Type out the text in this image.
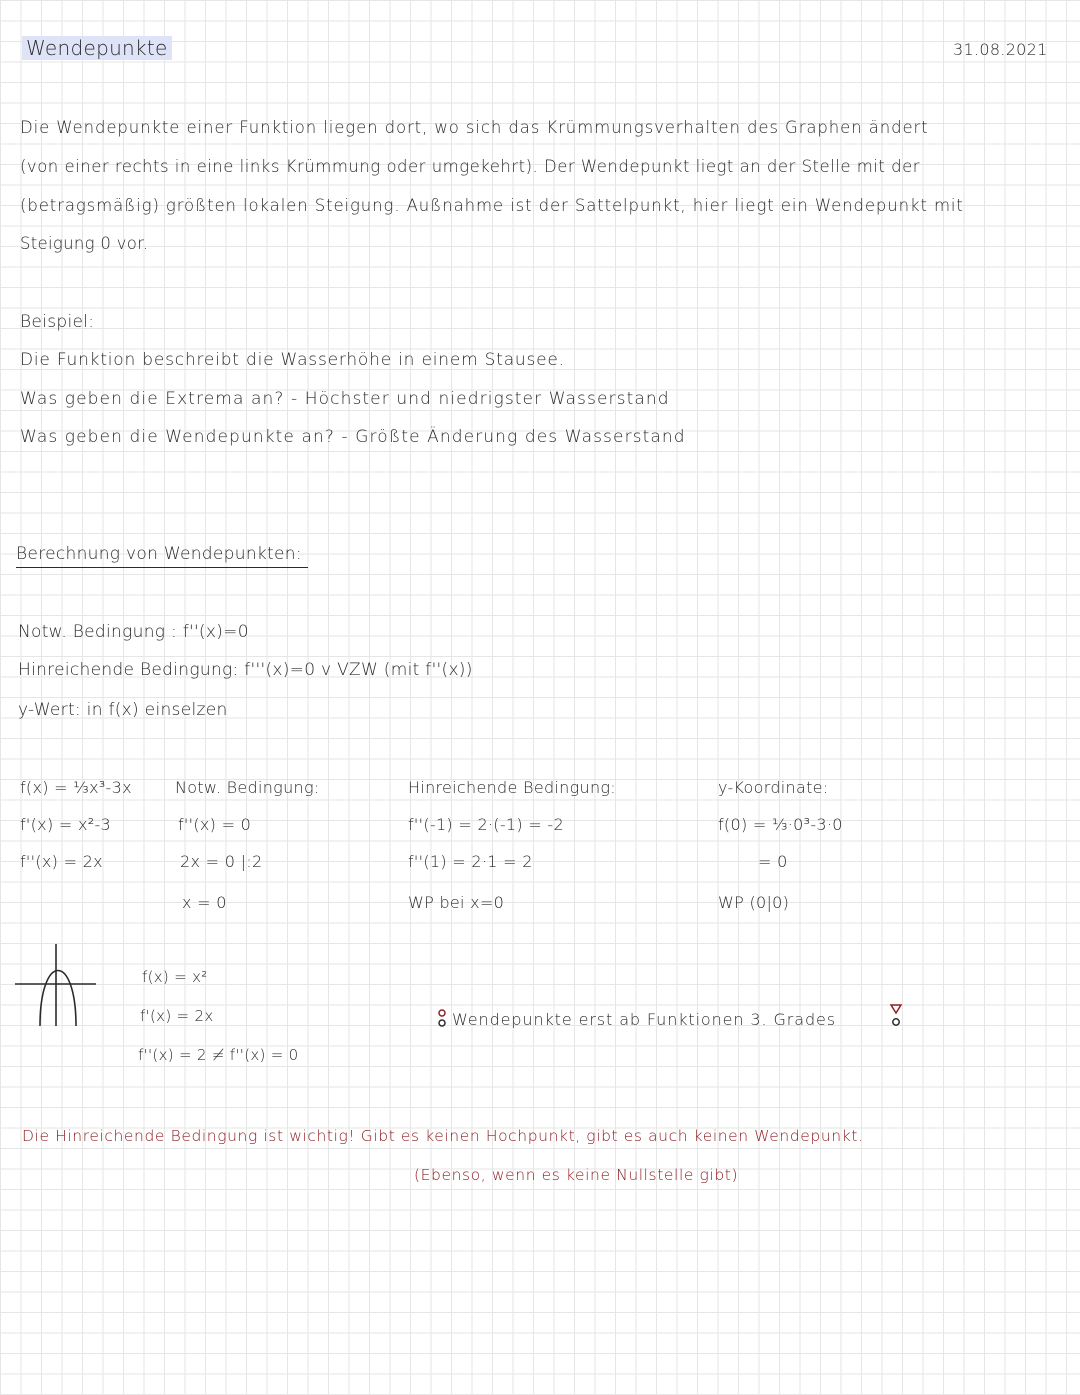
Wendepunkte	31.08.2021
Die Wendepunkte einer Funktion liegen dort, wo sich das Krümmungsverhalten des Graphen ändert
(von einer rechts in eine links Krümmung oder umgekehrt). Der Wendepunkt liegt an der Stelle mit der
(betragsmäßig) größten lokalen Steigung. Außnahme ist der Sattelpunkt, hier liegt ein Wendepunkt mit
Steigung 0 vor.
Beispiel:
Die Funktion beschreibt die Wasserhöhe in einem Stausee.
Was geben die Extrema an? - Höchster und niedrigster Wasserstand
Was geben die Wendepunkte an? - Größte Änderung des Wasserstand
Berechnung von Wendepunkten:
Notw. Bedingung : f''(x)=0
Hinreichende Bedingung: f'''(x)=0 v VZW (mit f''(x))
y-Wert: in f(x) einselzen
f(x) = ⅓x³-3x
f'(x) = x²-3
f''(x) = 2x
Notw. Bedingung:
f''(x) = 0
2x = 0 |:2
x = 0
Hinreichende Bedingung:
f''(-1) = 2·(-1) = -2
f''(1) = 2·1 = 2
WP bei x=0
y-Koordinate:
f(0) = ⅓·0³-3·0
= 0
WP (0|0)
f(x) = x²
f'(x) = 2x
f''(x) = 2 ≠ f''(x) = 0
Wendepunkte erst ab Funktionen 3. Grades
Die Hinreichende Bedingung ist wichtig! Gibt es keinen Hochpunkt, gibt es auch keinen Wendepunkt.
(Ebenso, wenn es keine Nullstelle gibt)
